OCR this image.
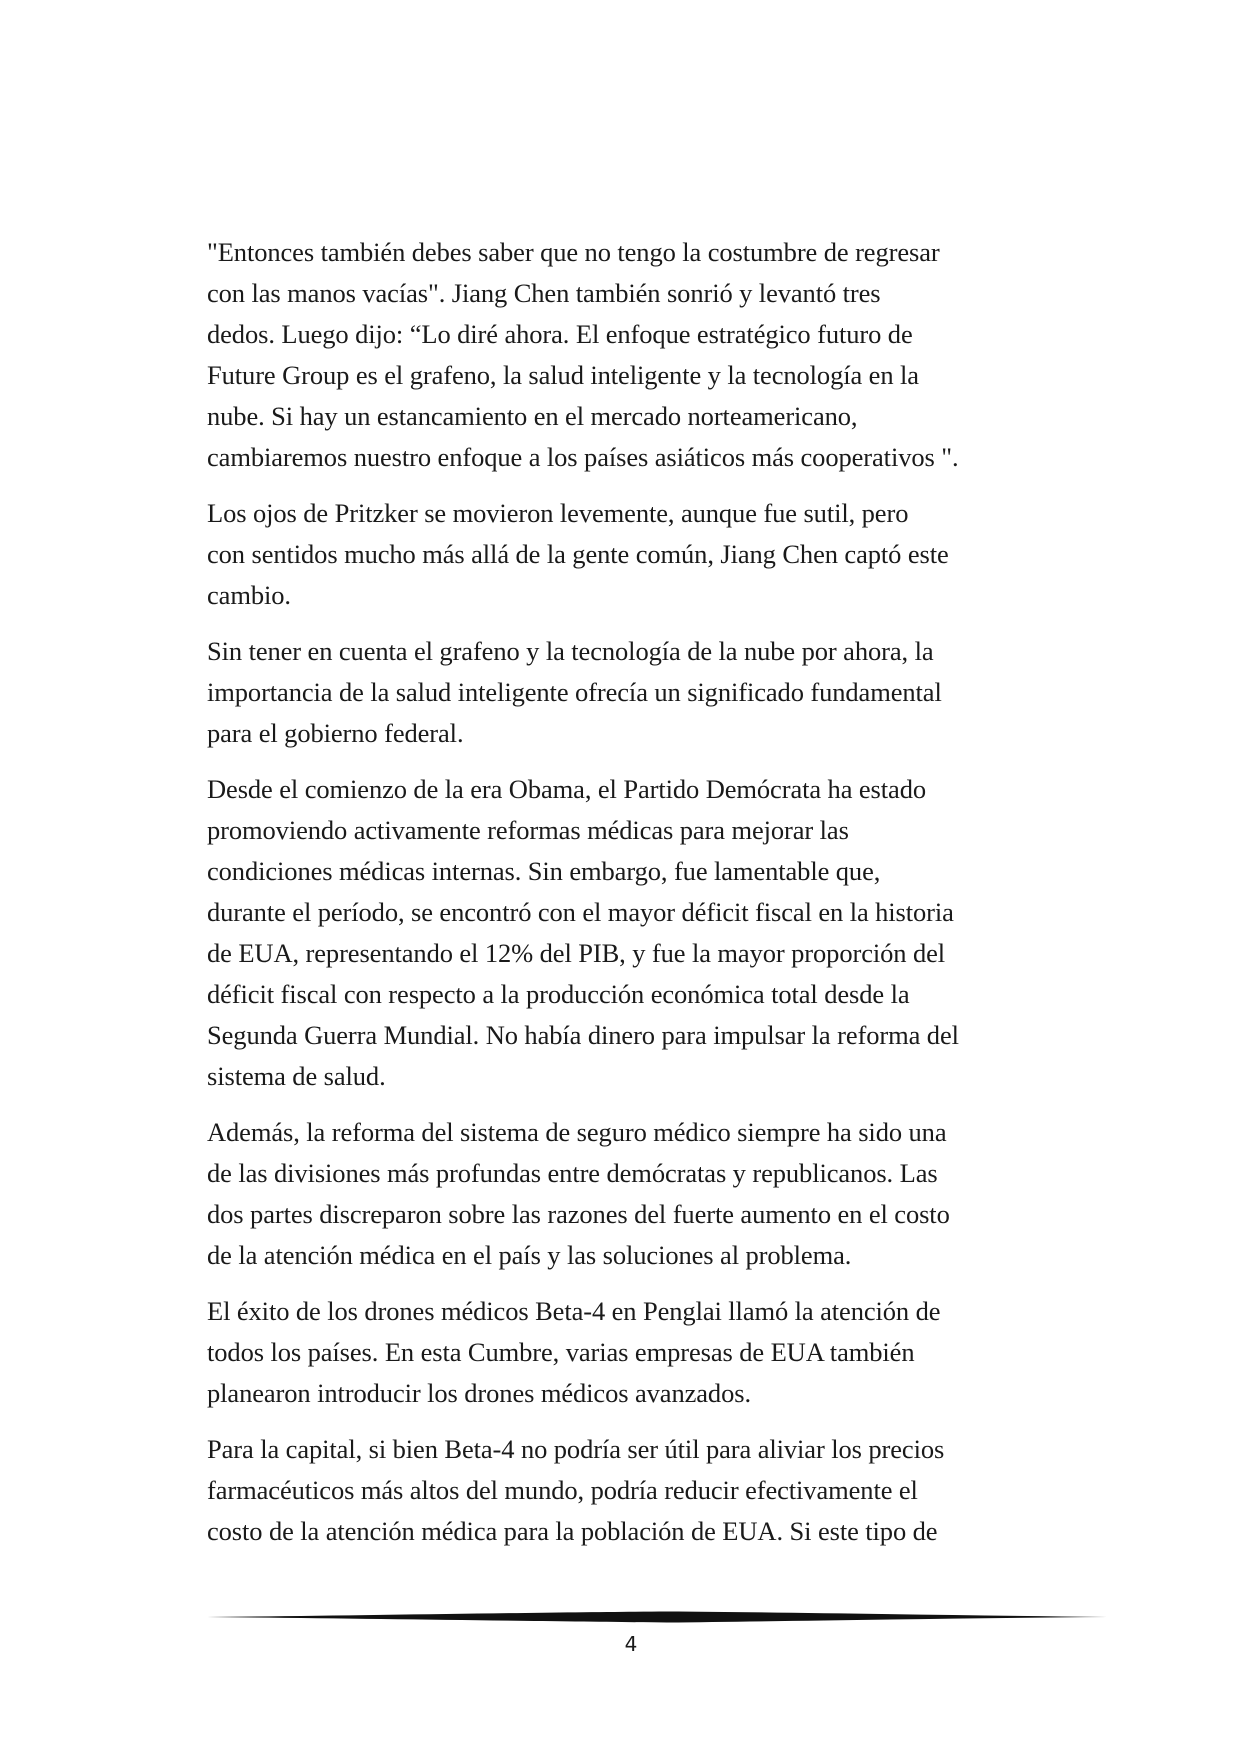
"Entonces también debes saber que no tengo la costumbre de regresar
con las manos vacías". Jiang Chen también sonrió y levantó tres
dedos. Luego dijo: “Lo diré ahora. El enfoque estratégico futuro de
Future Group es el grafeno, la salud inteligente y la tecnología en la
nube. Si hay un estancamiento en el mercado norteamericano,
cambiaremos nuestro enfoque a los países asiáticos más cooperativos ".

Los ojos de Pritzker se movieron levemente, aunque fue sutil, pero
con sentidos mucho más allá de la gente común, Jiang Chen captó este
cambio.

Sin tener en cuenta el grafeno y la tecnología de la nube por ahora, la
importancia de la salud inteligente ofrecía un significado fundamental
para el gobierno federal.

Desde el comienzo de la era Obama, el Partido Demócrata ha estado
promoviendo activamente reformas médicas para mejorar las
condiciones médicas internas. Sin embargo, fue lamentable que,
durante el período, se encontró con el mayor déficit fiscal en la historia
de EUA, representando el 12% del PIB, y fue la mayor proporción del
déficit fiscal con respecto a la producción económica total desde la
Segunda Guerra Mundial. No había dinero para impulsar la reforma del
sistema de salud.

Además, la reforma del sistema de seguro médico siempre ha sido una
de las divisiones más profundas entre demócratas y republicanos. Las
dos partes discreparon sobre las razones del fuerte aumento en el costo
de la atención médica en el país y las soluciones al problema.

El éxito de los drones médicos Beta-4 en Penglai llamó la atención de
todos los países. En esta Cumbre, varias empresas de EUA también
planearon introducir los drones médicos avanzados.

Para la capital, si bien Beta-4 no podría ser útil para aliviar los precios
farmacéuticos más altos del mundo, podría reducir efectivamente el
costo de la atención médica para la población de EUA. Si este tipo de

4
